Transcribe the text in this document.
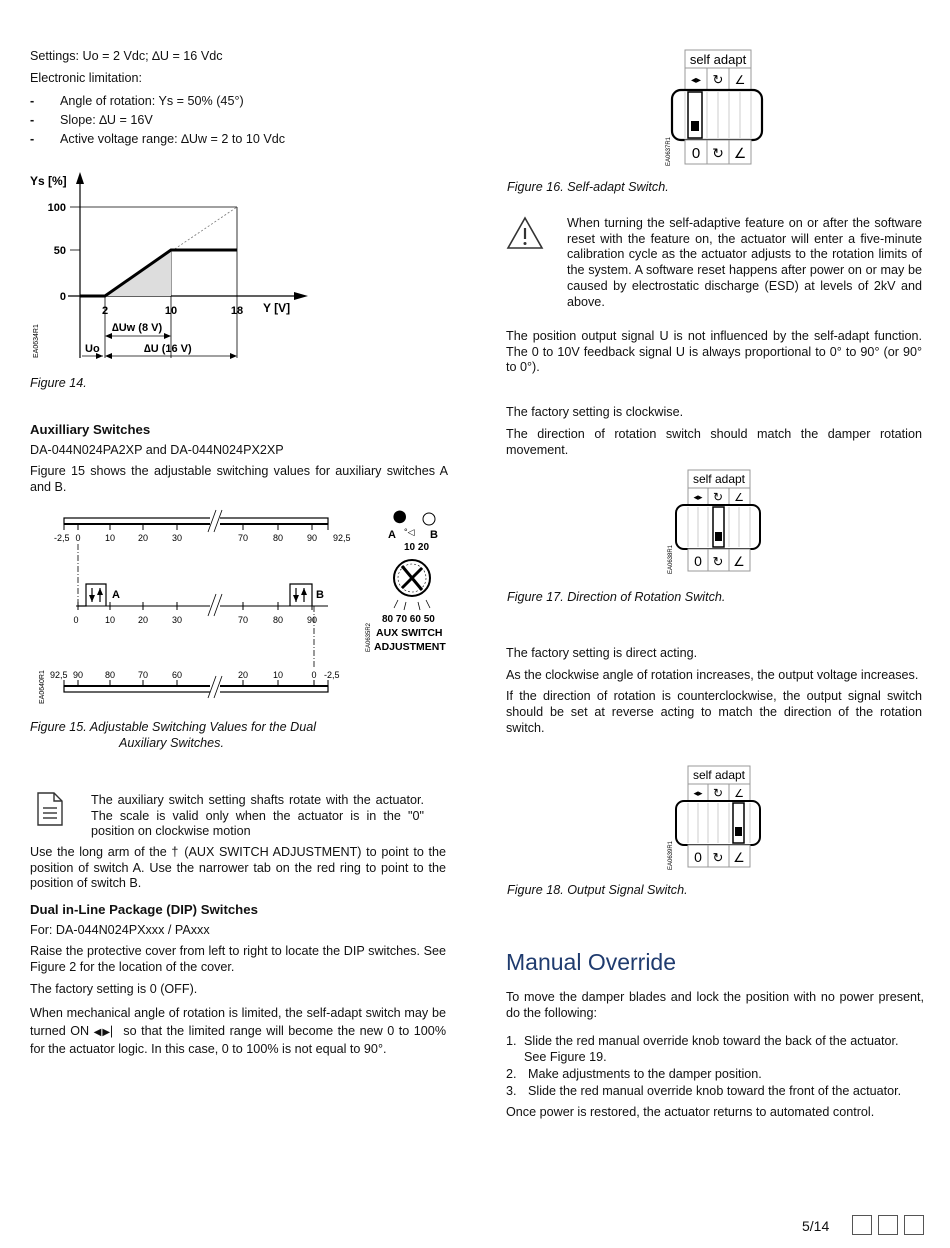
Settings: Uo = 2 Vdc; ∆U = 16 Vdc

Electronic limitation:

- Angle of rotation: Ys = 50% (45°)
- Slope: ∆U = 16V
- Active voltage range: ∆Uw = 2 to 10 Vdc
Ys [%]
100
50
0
2	10	18 Y [V]
∆Uw (8 V)
Uo	∆U (16 V)
EA0634R1
Figure 14.
Auxilliary Switches

DA-044N024PA2XP and DA-044N024PX2XP

Figure 15 shows the adjustable switching values for auxiliary switches A and B.

-2,5 0	10	20	30	70	80	90 92,5
0	10	20	30	70	80	90
A	B
92,5 90 80	70	60	20	10	0 -2,5
EA0640R1
⬤
A	B
°◁
10 20
80 70 60 50
AUX SWITCH
ADJUSTMENT
EA0635R2
Figure 15. Adjustable Switching Values for the Dual
Auxiliary Switches.

The auxiliary switch setting shafts rotate with the actuator. The scale is valid only when the actuator is in the "0" position on clockwise motion

Use the long arm of the † (AUX SWITCH ADJUSTMENT) to point to the position of switch A. Use the narrower tab on the red ring to point to the position of switch B.

Dual in-Line Package (DIP) Switches

For: DA-044N024PXxxx / PAxxx

Raise the protective cover from left to right to locate the DIP switches. See Figure 2 for the location of the cover.

The factory setting is 0 (OFF).

When mechanical angle of rotation is limited, the self-adapt switch may be turned ON ◀▶▏ so that the limited range will become the new 0 to 100% for the actuator logic. In this case, 0 to 100% is not equal to 90°.

self adapt
◂▸ ↻ ∠
0 ↻ ∠
EA0637R1
Figure 16. Self-adapt Switch.

When turning the self-adaptive feature on or after the software reset with the feature on, the actuator will enter a five-minute calibration cycle as the actuator adjusts to the rotation limits of the system. A software reset happens after power on or may be caused by electrostatic discharge (ESD) at levels of 2kV and above.

The position output signal U is not influenced by the self-adapt function. The 0 to 10V feedback signal U is always proportional to 0° to 90° (or 90° to 0°).

The factory setting is clockwise.

The direction of rotation switch should match the damper rotation movement.

self adapt
◂▸ ↻ ∠
0 ↻ ∠
EA0638R1
Figure 17. Direction of Rotation Switch.

The factory setting is direct acting.

As the clockwise angle of rotation increases, the output voltage increases.

If the direction of rotation is counterclockwise, the output signal switch should be set at reverse acting to match the direction of the rotation switch.

self adapt
◂▸ ↻ ∠
0 ↻ ∠
EA0639R1
Figure 18. Output Signal Switch.
Manual Override

To move the damper blades and lock the position with no power present, do the following:

1. Slide the red manual override knob toward the back of the actuator. See Figure 19.
2. Make adjustments to the damper position.
3. Slide the red manual override knob toward the front of the actuator.

Once power is restored, the actuator returns to automated control.

5/14
